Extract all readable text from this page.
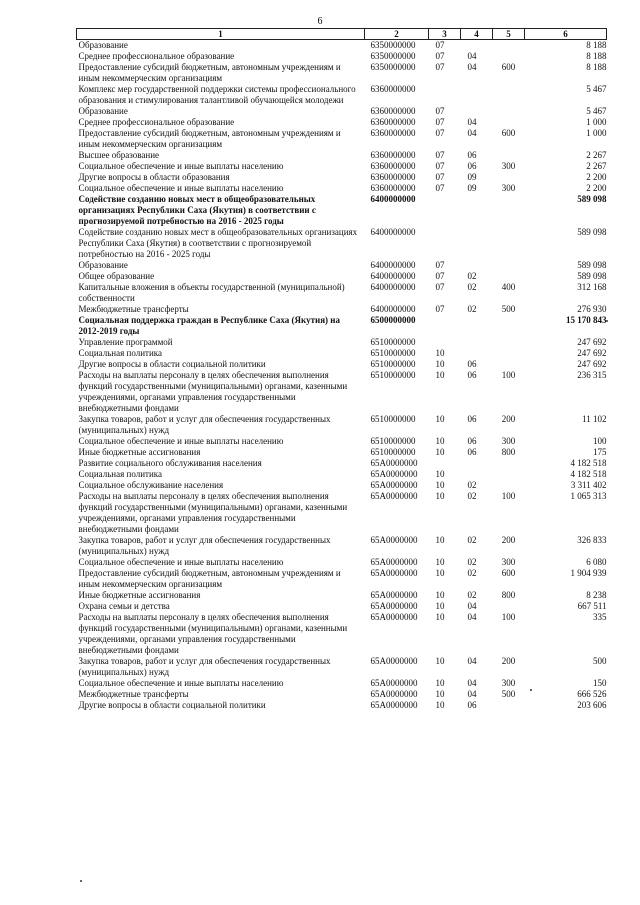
6
1	2	3	4	5	6
Образование	6350000000	07			8 188
Среднее профессиональное образование	6350000000	07	04		8 188
Предоставление субсидий бюджетным, автономным учреждениям и иным некоммерческим организациям	6350000000	07	04	600	8 188
Комплекс мер государственной поддержки системы профессионального образования и стимулирования талантливой обучающейся молодежи	6360000000				5 467
Образование	6360000000	07			5 467
Среднее профессиональное образование	6360000000	07	04		1 000
Предоставление субсидий бюджетным, автономным учреждениям и иным некоммерческим организациям	6360000000	07	04	600	1 000
Высшее образование	6360000000	07	06		2 267
Социальное обеспечение и иные выплаты населению	6360000000	07	06	300	2 267
Другие вопросы в области образования	6360000000	07	09		2 200
Социальное обеспечение и иные выплаты населению	6360000000	07	09	300	2 200
Содействие созданию новых мест в общеобразовательных организациях Республики Саха (Якутия) в соответствии с прогнозируемой потребностью на 2016 - 2025 годы	6400000000				589 098
Содействие созданию новых мест в общеобразовательных организациях Республики Саха (Якутия) в соответствии с прогнозируемой потребностью на 2016 - 2025 годы	6400000000				589 098
Образование	6400000000	07			589 098
Общее образование	6400000000	07	02		589 098
Капитальные вложения в объекты государственной (муниципальной) собственности	6400000000	07	02	400	312 168
Межбюджетные трансферты	6400000000	07	02	500	276 930
Социальная поддержка граждан в Республике Саха (Якутия) на 2012-2019 годы	6500000000				15 170 843
Управление программой	6510000000				247 692
Социальная политика	6510000000	10			247 692
Другие вопросы в области социальной политики	6510000000	10	06		247 692
Расходы на выплаты персоналу в целях обеспечения выполнения функций государственными (муниципальными) органами, казенными учреждениями, органами управления государственными внебюджетными фондами	6510000000	10	06	100	236 315
Закупка товаров, работ и услуг для обеспечения государственных (муниципальных) нужд	6510000000	10	06	200	11 102
Социальное обеспечение и иные выплаты населению	6510000000	10	06	300	100
Иные бюджетные ассигнования	6510000000	10	06	800	175
Развитие социального обслуживания населения	65А0000000				4 182 518
Социальная политика	65А0000000	10			4 182 518
Социальное обслуживание населения	65А0000000	10	02		3 311 402
Расходы на выплаты персоналу в целях обеспечения выполнения функций государственными (муниципальными) органами, казенными учреждениями, органами управления государственными внебюджетными фондами	65А0000000	10	02	100	1 065 313
Закупка товаров, работ и услуг для обеспечения государственных (муниципальных) нужд	65А0000000	10	02	200	326 833
Социальное обеспечение и иные выплаты населению	65А0000000	10	02	300	6 080
Предоставление субсидий бюджетным, автономным учреждениям и иным некоммерческим организациям	65А0000000	10	02	600	1 904 939
Иные бюджетные ассигнования	65А0000000	10	02	800	8 238
Охрана семьи и детства	65А0000000	10	04		667 511
Расходы на выплаты персоналу в целях обеспечения выполнения функций государственными (муниципальными) органами, казенными учреждениями, органами управления государственными внебюджетными фондами	65А0000000	10	04	100	335
Закупка товаров, работ и услуг для обеспечения государственных (муниципальных) нужд	65А0000000	10	04	200	500
Социальное обеспечение и иные выплаты населению	65А0000000	10	04	300	150
Межбюджетные трансферты	65А0000000	10	04	500	666 526
Другие вопросы в области социальной политики	65А0000000	10	06		203 606
